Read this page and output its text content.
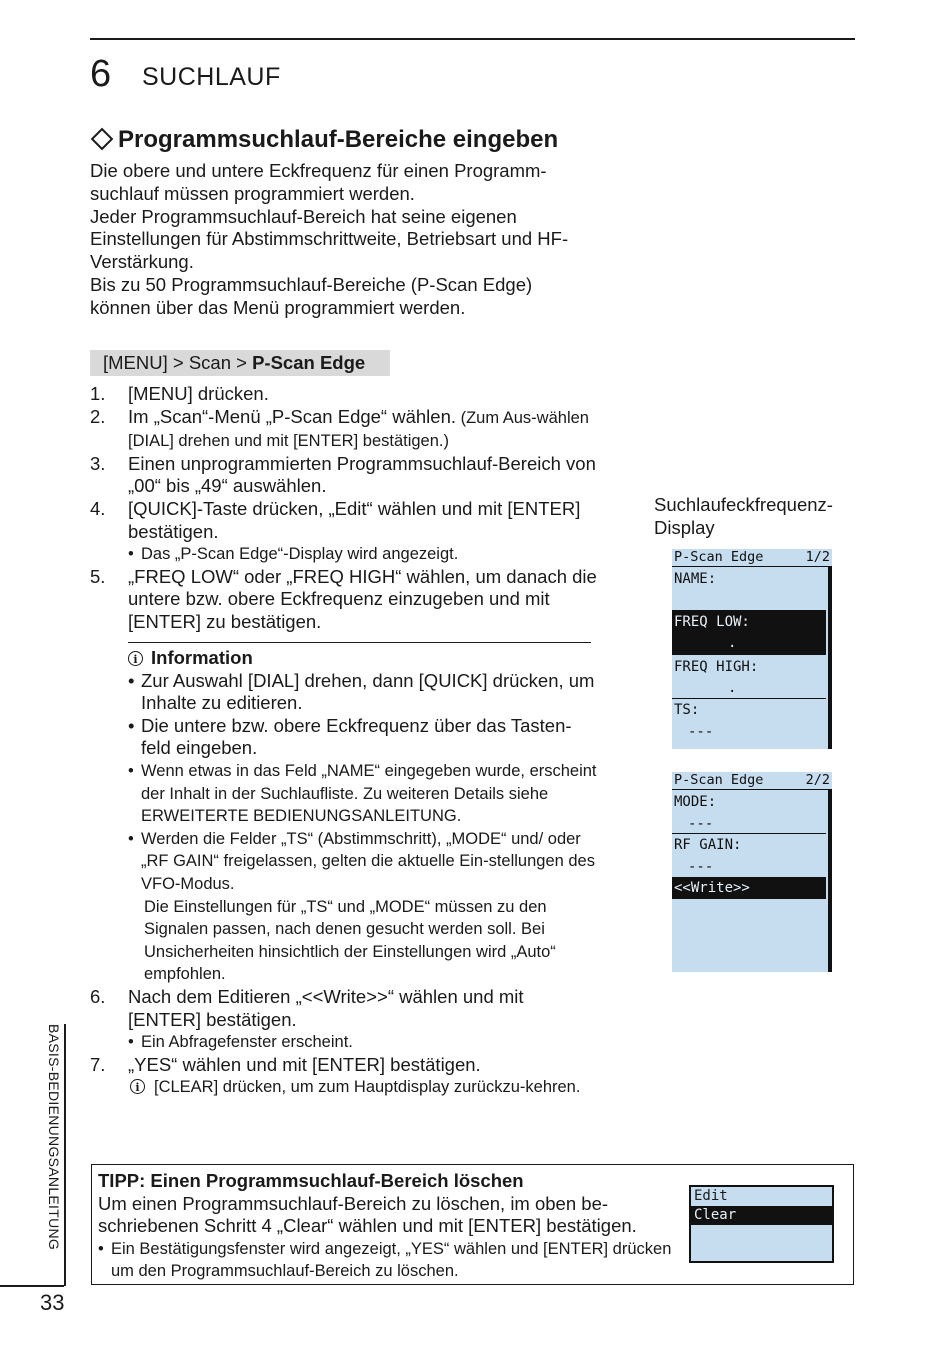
6 SUCHLAUF
Programmsuchlauf-Bereiche eingeben

Die obere und untere Eckfrequenz für einen Programm-suchlauf müssen programmiert werden.

Jeder Programmsuchlauf-Bereich hat seine eigenen Einstellungen für Abstimmschrittweite, Betriebsart und HF-Verstärkung.

Bis zu 50 Programmsuchlauf-Bereiche (P-Scan Edge) können über das Menü programmiert werden.

[MENU] > Scan > P-Scan Edge
1. [MENU] drücken.
2. Im „Scan“-Menü „P-Scan Edge“ wählen. (Zum Aus-wählen [DIAL] drehen und mit [ENTER] bestätigen.)
3. Einen unprogrammierten Programmsuchlauf-Bereich von „00“ bis „49“ auswählen.
4. [QUICK]-Taste drücken, „Edit“ wählen und mit [ENTER] bestätigen.
• Das „P-Scan Edge“-Display wird angezeigt.
5. „FREQ LOW“ oder „FREQ HIGH“ wählen, um danach die untere bzw. obere Eckfrequenz einzugeben und mit [ENTER] zu bestätigen.
i Information
• Zur Auswahl [DIAL] drehen, dann [QUICK] drücken, um Inhalte zu editieren.
• Die untere bzw. obere Eckfrequenz über das Tasten-feld eingeben.
• Wenn etwas in das Feld „NAME“ eingegeben wurde, erscheint der Inhalt in der Suchlaufliste. Zu weiteren Details siehe ERWEITERTE BEDIENUNGSANLEITUNG.
• Werden die Felder „TS“ (Abstimmschritt), „MODE“ und/ oder „RF GAIN“ freigelassen, gelten die aktuelle Ein-stellungen des VFO-Modus.
Die Einstellungen für „TS“ und „MODE“ müssen zu den Signalen passen, nach denen gesucht werden soll. Bei Unsicherheiten hinsichtlich der Einstellungen wird „Auto“ empfohlen.
6. Nach dem Editieren „<<Write>>“ wählen und mit [ENTER] bestätigen.
• Ein Abfragefenster erscheint.
7. „YES“ wählen und mit [ENTER] bestätigen.
i [CLEAR] drücken, um zum Hauptdisplay zurückzu-kehren.
Suchlaufeckfrequenz-Display
P-Scan Edge	1/2
NAME:
FREQ LOW:
.
FREQ HIGH:
.
TS:
---
P-Scan Edge	2/2
MODE:
---
RF GAIN:
---
<<Write>>
BASIS-BEDIENUNGSANLEITUNG
33
TIPP: Einen Programmsuchlauf-Bereich löschen
Um einen Programmsuchlauf-Bereich zu löschen, im oben be-schriebenen Schritt 4 „Clear“ wählen und mit [ENTER] bestätigen.
• Ein Bestätigungsfenster wird angezeigt, „YES“ wählen und [ENTER] drücken um den Programmsuchlauf-Bereich zu löschen.
Edit
Clear
